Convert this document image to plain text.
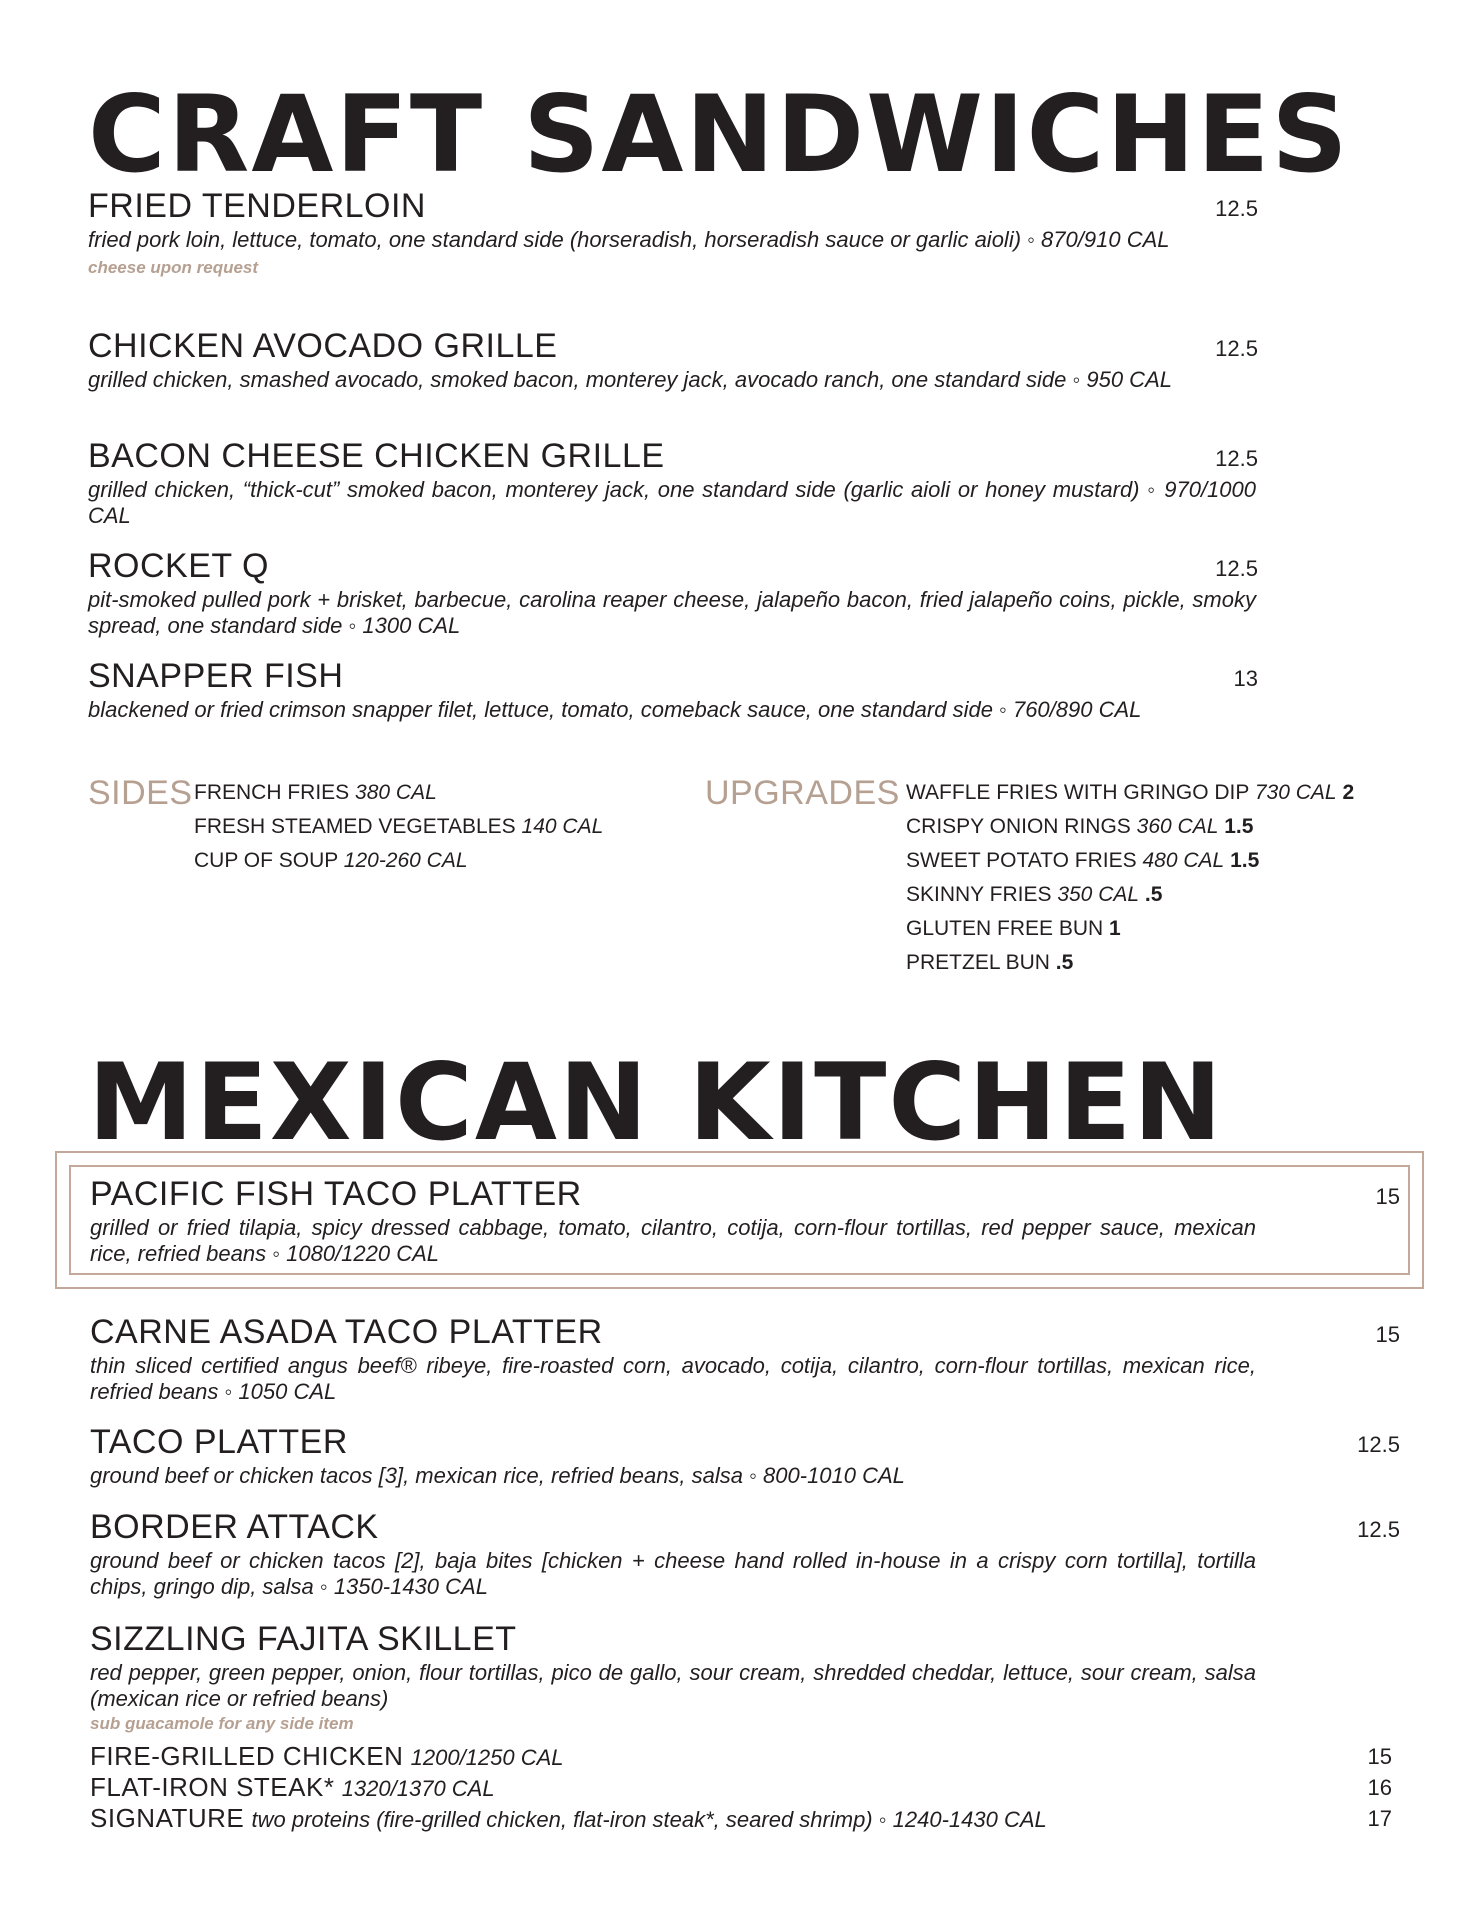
CRAFT SANDWICHES
FRIED TENDERLOIN	12.5
fried pork loin, lettuce, tomato, one standard side (horseradish, horseradish sauce or garlic aioli) ◦ 870/910 CAL
cheese upon request
CHICKEN AVOCADO GRILLE	12.5
grilled chicken, smashed avocado, smoked bacon, monterey jack, avocado ranch, one standard side ◦ 950 CAL
BACON CHEESE CHICKEN GRILLE	12.5
grilled chicken, “thick-cut” smoked bacon, monterey jack, one standard side (garlic aioli or honey mustard) ◦ 970/1000 CAL
ROCKET Q	12.5
pit-smoked pulled pork + brisket, barbecue, carolina reaper cheese, jalapeño bacon, fried jalapeño coins, pickle, smoky spread, one standard side ◦ 1300 CAL
SNAPPER FISH	13
blackened or fried crimson snapper filet, lettuce, tomato, comeback sauce, one standard side ◦ 760/890 CAL
SIDES FRENCH FRIES 380 CAL
FRESH STEAMED VEGETABLES 140 CAL
CUP OF SOUP 120-260 CAL
UPGRADES WAFFLE FRIES WITH GRINGO DIP 730 CAL 2
CRISPY ONION RINGS 360 CAL 1.5
SWEET POTATO FRIES 480 CAL 1.5
SKINNY FRIES 350 CAL .5
GLUTEN FREE BUN 1
PRETZEL BUN .5
MEXICAN KITCHEN
PACIFIC FISH TACO PLATTER	15
grilled or fried tilapia, spicy dressed cabbage, tomato, cilantro, cotija, corn-flour tortillas, red pepper sauce, mexican rice, refried beans ◦ 1080/1220 CAL
CARNE ASADA TACO PLATTER	15
thin sliced certified angus beef® ribeye, fire-roasted corn, avocado, cotija, cilantro, corn-flour tortillas, mexican rice, refried beans ◦ 1050 CAL
TACO PLATTER	12.5
ground beef or chicken tacos [3], mexican rice, refried beans, salsa ◦ 800-1010 CAL
BORDER ATTACK	12.5
ground beef or chicken tacos [2], baja bites [chicken + cheese hand rolled in-house in a crispy corn tortilla], tortilla chips, gringo dip, salsa ◦ 1350-1430 CAL
SIZZLING FAJITA SKILLET
red pepper, green pepper, onion, flour tortillas, pico de gallo, sour cream, shredded cheddar, lettuce, sour cream, salsa (mexican rice or refried beans)
sub guacamole for any side item
FIRE-GRILLED CHICKEN 1200/1250 CAL	15
FLAT-IRON STEAK* 1320/1370 CAL	16
SIGNATURE two proteins (fire-grilled chicken, flat-iron steak*, seared shrimp) ◦ 1240-1430 CAL	17
